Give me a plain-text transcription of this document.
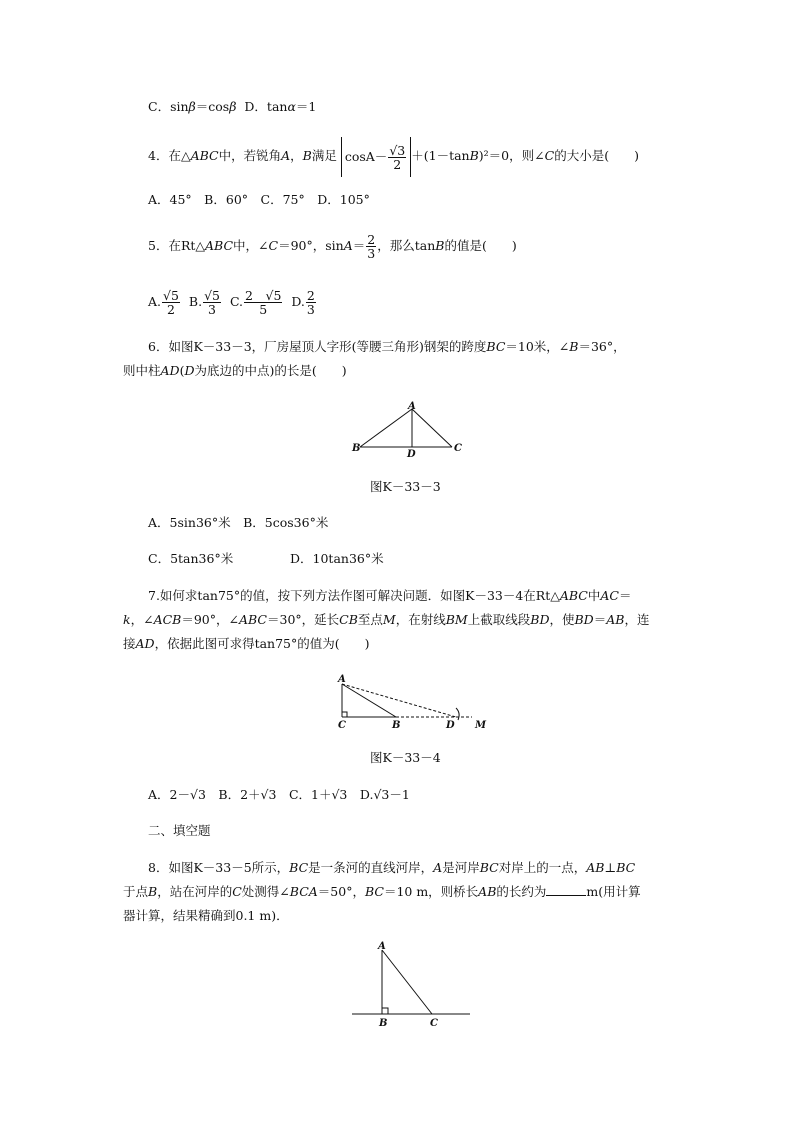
C．sinβ＝cosβ D．tanα＝1
4．在△ABC中，若锐角A，B满足 $\cos A- \frac{√3}{2} +(1-\tan B)^2=0$，则∠C的大小是(　　)
A．45°　B．60°　C．75°　D．105°
5．在Rt△ABC中，∠C＝90°，$\sin A= \frac{2}{3}$ ，那么tanB的值是(　　)
A. $\frac{√5}{2} B$. $\frac{√5}{3} C$. $\frac{2 √5}{5} D$. $\frac{2}{3}$
6．如图K－33－3，厂房屋顶人字形(等腰三角形)钢架的跨度BC＝10米，∠B＝36°，
则中柱AD(D为底边的中点)的长是(　　)
A
B	C
D
图K－33－3
A．5sin36°米　B．5cos36°米
C．5tan36°米	D．10tan36°米
7.如何求tan75°的值，按下列方法作图可解决问题．如图K－33－4在Rt△ABC中AC＝
k，∠ACB＝90°，∠ABC＝30°，延长CB至点M，在射线BM上截取线段BD，使BD＝AB，连
接AD，依据此图可求得tan75°的值为(　　)
A
C	B	D M
图K－33－4
A．2－√3　B．2＋√3　C．1＋√3　D.√3－1
二、填空题
8．如图K－33－5所示，BC是一条河的直线河岸，A是河岸BC对岸上的一点，AB⊥BC
于点B，站在河岸的C处测得∠BCA＝50°，BC＝10 m，则桥长AB的长约为	m(用计算
器计算，结果精确到0.1 m)．
A
B	C
